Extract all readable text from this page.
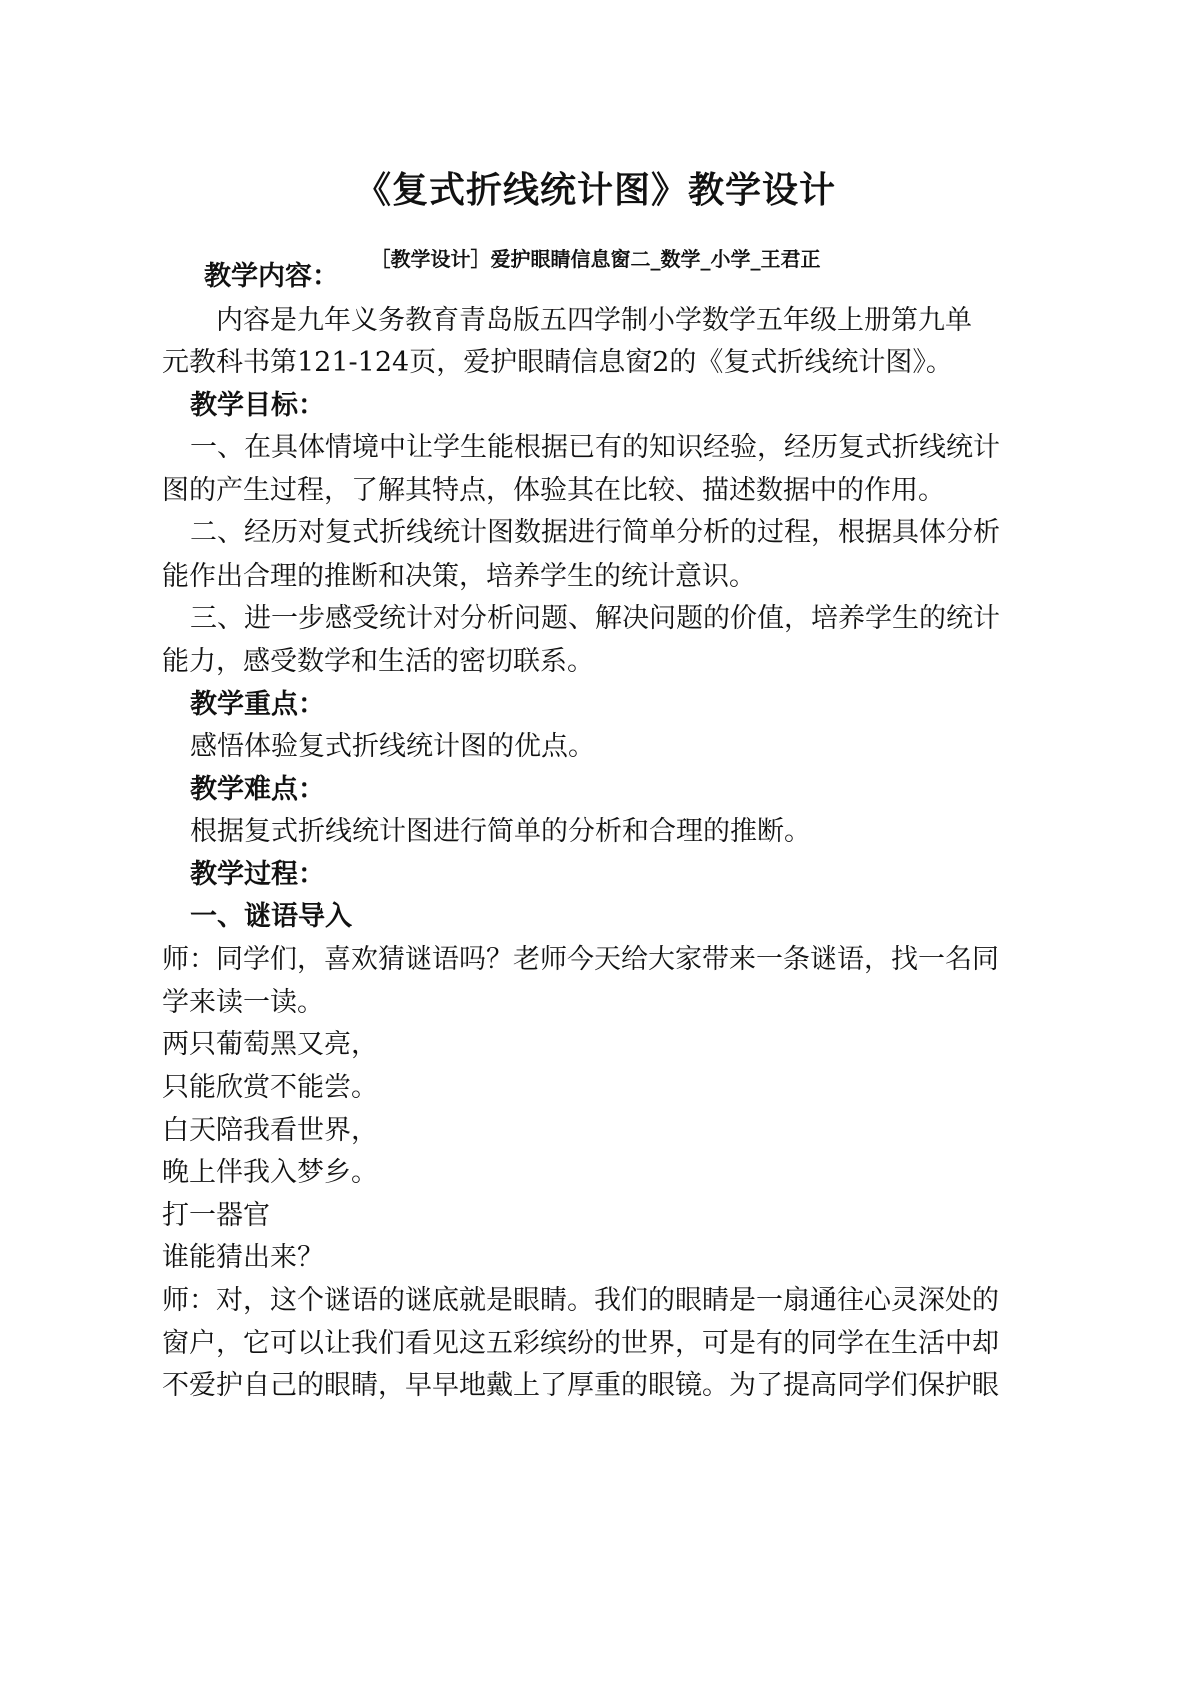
《复式折线统计图》教学设计
［教学设计］爱护眼睛信息窗二_数学_小学_王君正
教学内容：
内容是九年义务教育青岛版五四学制小学数学五年级上册第九单
元教科书第121-124页，爱护眼睛信息窗2的《复式折线统计图》。
教学目标：
一、在具体情境中让学生能根据已有的知识经验，经历复式折线统计
图的产生过程，了解其特点，体验其在比较、描述数据中的作用。
二、经历对复式折线统计图数据进行简单分析的过程，根据具体分析
能作出合理的推断和决策，培养学生的统计意识。
三、进一步感受统计对分析问题、解决问题的价值，培养学生的统计
能力，感受数学和生活的密切联系。
教学重点：
感悟体验复式折线统计图的优点。
教学难点：
根据复式折线统计图进行简单的分析和合理的推断。
教学过程：
一、谜语导入
师：同学们，喜欢猜谜语吗？老师今天给大家带来一条谜语，找一名同
学来读一读。
两只葡萄黑又亮，
只能欣赏不能尝。
白天陪我看世界，
晚上伴我入梦乡。
打一器官
谁能猜出来？
师：对，这个谜语的谜底就是眼睛。我们的眼睛是一扇通往心灵深处的
窗户，它可以让我们看见这五彩缤纷的世界，可是有的同学在生活中却
不爱护自己的眼睛，早早地戴上了厚重的眼镜。为了提高同学们保护眼
